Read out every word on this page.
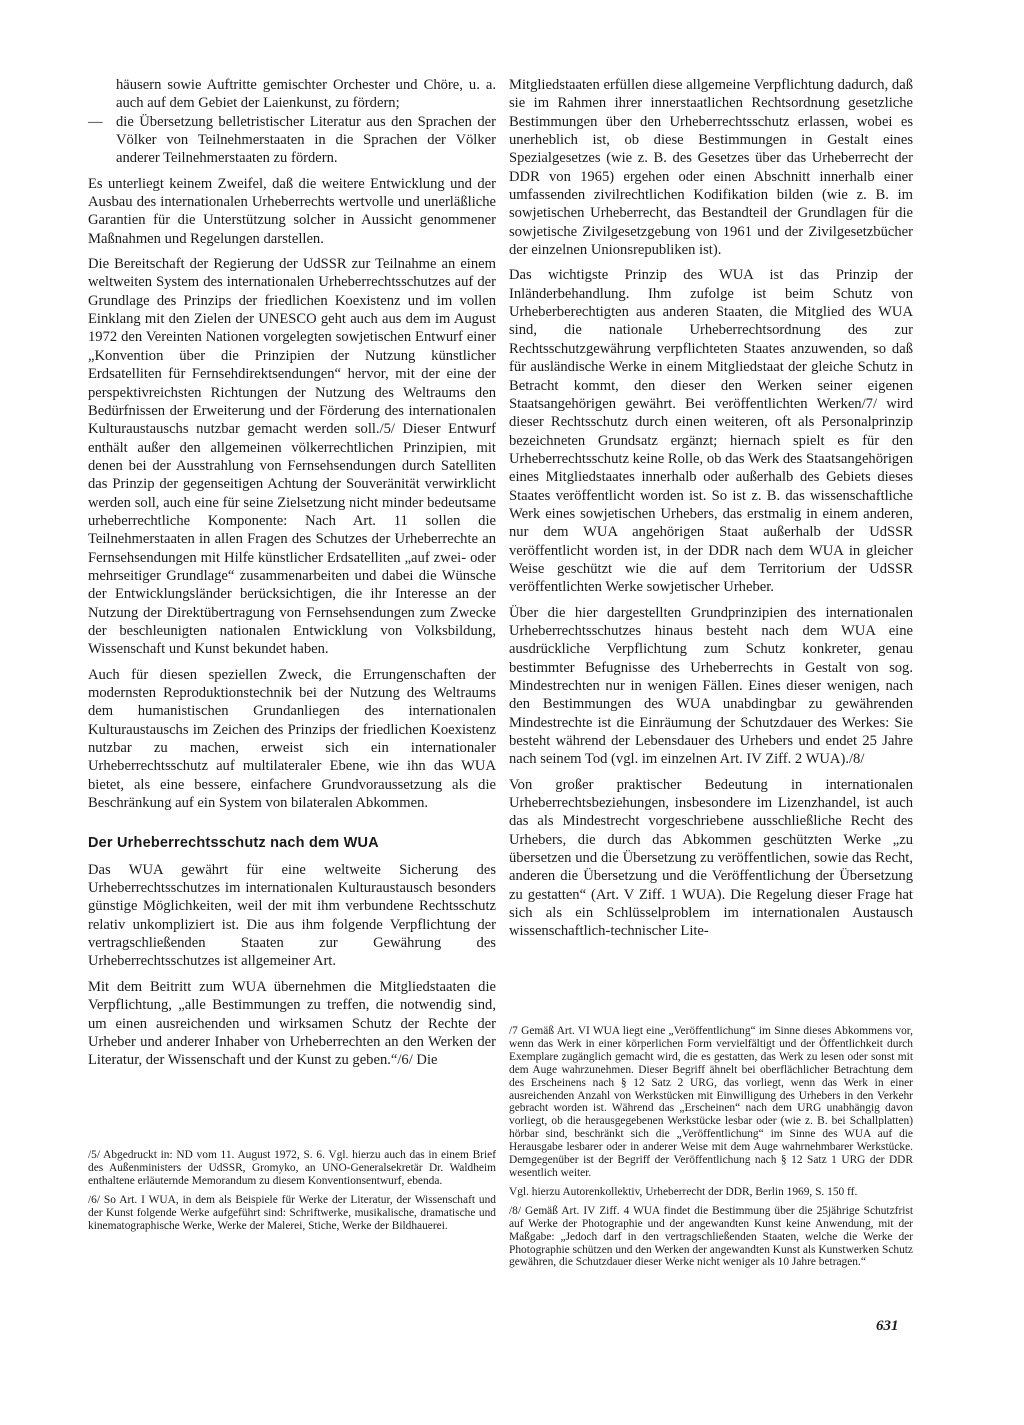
häusern sowie Auftritte gemischter Orchester und Chöre, u. a. auch auf dem Gebiet der Laienkunst, zu fördern;
— die Übersetzung belletristischer Literatur aus den Sprachen der Völker von Teilnehmerstaaten in die Sprachen der Völker anderer Teilnehmerstaaten zu fördern.

Es unterliegt keinem Zweifel, daß die weitere Entwicklung und der Ausbau des internationalen Urheberrechts wertvolle und unerläßliche Garantien für die Unterstützung solcher in Aussicht genommener Maßnahmen und Regelungen darstellen.

Die Bereitschaft der Regierung der UdSSR zur Teilnahme an einem weltweiten System des internationalen Urheberrechtsschutzes auf der Grundlage des Prinzips der friedlichen Koexistenz und im vollen Einklang mit den Zielen der UNESCO geht auch aus dem im August 1972 den Vereinten Nationen vorgelegten sowjetischen Entwurf einer „Konvention über die Prinzipien der Nutzung künstlicher Erdsatelliten für Fernsehdirektsendungen“ hervor, mit der eine der perspektivreichsten Richtungen der Nutzung des Weltraums den Bedürfnissen der Erweiterung und der Förderung des internationalen Kulturaustauschs nutzbar gemacht werden soll./5/ Dieser Entwurf enthält außer den allgemeinen völkerrechtlichen Prinzipien, mit denen bei der Ausstrahlung von Fernsehsendungen durch Satelliten das Prinzip der gegenseitigen Achtung der Souveränität verwirklicht werden soll, auch eine für seine Zielsetzung nicht minder bedeutsame urheberrechtliche Komponente: Nach Art. 11 sollen die Teilnehmerstaaten in allen Fragen des Schutzes der Urheberrechte an Fernsehsendungen mit Hilfe künstlicher Erdsatelliten „auf zwei- oder mehrseitiger Grundlage“ zusammenarbeiten und dabei die Wünsche der Entwicklungsländer berücksichtigen, die ihr Interesse an der Nutzung der Direktübertragung von Fernsehsendungen zum Zwecke der beschleunigten nationalen Entwicklung von Volksbildung, Wissenschaft und Kunst bekundet haben.

Auch für diesen speziellen Zweck, die Errungenschaften der modernsten Reproduktionstechnik bei der Nutzung des Weltraums dem humanistischen Grundanliegen des internationalen Kulturaustauschs im Zeichen des Prinzips der friedlichen Koexistenz nutzbar zu machen, erweist sich ein internationaler Urheberrechtsschutz auf multilateraler Ebene, wie ihn das WUA bietet, als eine bessere, einfachere Grundvoraussetzung als die Beschränkung auf ein System von bilateralen Abkommen.

Der Urheberrechtsschutz nach dem WUA

Das WUA gewährt für eine weltweite Sicherung des Urheberrechtsschutzes im internationalen Kulturaustausch besonders günstige Möglichkeiten, weil der mit ihm verbundene Rechtsschutz relativ unkompliziert ist. Die aus ihm folgende Verpflichtung der vertragschließenden Staaten zur Gewährung des Urheberrechtsschutzes ist allgemeiner Art.

Mit dem Beitritt zum WUA übernehmen die Mitgliedstaaten die Verpflichtung, „alle Bestimmungen zu treffen, die notwendig sind, um einen ausreichenden und wirksamen Schutz der Rechte der Urheber und anderer Inhaber von Urheberrechten an den Werken der Literatur, der Wissenschaft und der Kunst zu geben.“/6/ Die

Mitgliedstaaten erfüllen diese allgemeine Verpflichtung dadurch, daß sie im Rahmen ihrer innerstaatlichen Rechtsordnung gesetzliche Bestimmungen über den Urheberrechtsschutz erlassen, wobei es unerheblich ist, ob diese Bestimmungen in Gestalt eines Spezialgesetzes (wie z. B. des Gesetzes über das Urheberrecht der DDR von 1965) ergehen oder einen Abschnitt innerhalb einer umfassenden zivilrechtlichen Kodifikation bilden (wie z. B. im sowjetischen Urheberrecht, das Bestandteil der Grundlagen für die sowjetische Zivilgesetzgebung von 1961 und der Zivilgesetzbücher der einzelnen Unionsrepubliken ist).

Das wichtigste Prinzip des WUA ist das Prinzip der Inländerbehandlung. Ihm zufolge ist beim Schutz von Urheberberechtigten aus anderen Staaten, die Mitglied des WUA sind, die nationale Urheberrechtsordnung des zur Rechtsschutzgewährung verpflichteten Staates anzuwenden, so daß für ausländische Werke in einem Mitgliedstaat der gleiche Schutz in Betracht kommt, den dieser den Werken seiner eigenen Staatsangehörigen gewährt. Bei veröffentlichten Werken/7/ wird dieser Rechtsschutz durch einen weiteren, oft als Personalprinzip bezeichneten Grundsatz ergänzt; hiernach spielt es für den Urheberrechtsschutz keine Rolle, ob das Werk des Staatsangehörigen eines Mitgliedstaates innerhalb oder außerhalb des Gebiets dieses Staates veröffentlicht worden ist. So ist z. B. das wissenschaftliche Werk eines sowjetischen Urhebers, das erstmalig in einem anderen, nur dem WUA angehörigen Staat außerhalb der UdSSR veröffentlicht worden ist, in der DDR nach dem WUA in gleicher Weise geschützt wie die auf dem Territorium der UdSSR veröffentlichten Werke sowjetischer Urheber.

Über die hier dargestellten Grundprinzipien des internationalen Urheberrechtsschutzes hinaus besteht nach dem WUA eine ausdrückliche Verpflichtung zum Schutz konkreter, genau bestimmter Befugnisse des Urheberrechts in Gestalt von sog. Mindestrechten nur in wenigen Fällen. Eines dieser wenigen, nach den Bestimmungen des WUA unabdingbar zu gewährenden Mindestrechte ist die Einräumung der Schutzdauer des Werkes: Sie besteht während der Lebensdauer des Urhebers und endet 25 Jahre nach seinem Tod (vgl. im einzelnen Art. IV Ziff. 2 WUA)./8/

Von großer praktischer Bedeutung in internationalen Urheberrechtsbeziehungen, insbesondere im Lizenzhandel, ist auch das als Mindestrecht vorgeschriebene ausschließliche Recht des Urhebers, die durch das Abkommen geschützten Werke „zu übersetzen und die Übersetzung zu veröffentlichen, sowie das Recht, anderen die Übersetzung und die Veröffentlichung der Übersetzung zu gestatten“ (Art. V Ziff. 1 WUA). Die Regelung dieser Frage hat sich als ein Schlüsselproblem im internationalen Austausch wissenschaftlich-technischer Lite-

/5/ Abgedruckt in: ND vom 11. August 1972, S. 6. Vgl. hierzu auch das in einem Brief des Außenministers der UdSSR, Gromyko, an UNO-Generalsekretär Dr. Waldheim enthaltene erläuternde Memorandum zu diesem Konventionsentwurf, ebenda.
/6/ So Art. I WUA, in dem als Beispiele für Werke der Literatur, der Wissenschaft und der Kunst folgende Werke aufgeführt sind: Schriftwerke, musikalische, dramatische und kinematographische Werke, Werke der Malerei, Stiche, Werke der Bildhauerei.
/7 Gemäß Art. VI WUA liegt eine „Veröffentlichung“ im Sinne dieses Abkommens vor, wenn das Werk in einer körperlichen Form vervielfältigt und der Öffentlichkeit durch Exemplare zugänglich gemacht wird, die es gestatten, das Werk zu lesen oder sonst mit dem Auge wahrzunehmen. Dieser Begriff ähnelt bei oberflächlicher Betrachtung dem des Erscheinens nach § 12 Satz 2 URG, das vorliegt, wenn das Werk in einer ausreichenden Anzahl von Werkstücken mit Einwilligung des Urhebers in den Verkehr gebracht worden ist. Während das „Erscheinen“ nach dem URG unabhängig davon vorliegt, ob die herausgegebenen Werkstücke lesbar oder (wie z. B. bei Schallplatten) hörbar sind, beschränkt sich die „Veröffentlichung“ im Sinne des WUA auf die Herausgabe lesbarer oder in anderer Weise mit dem Auge wahrnehmbarer Werkstücke. Demgegenüber ist der Begriff der Veröffentlichung nach § 12 Satz 1 URG der DDR wesentlich weiter.
Vgl. hierzu Autorenkollektiv, Urheberrecht der DDR, Berlin 1969, S. 150 ff.
/8/ Gemäß Art. IV Ziff. 4 WUA findet die Bestimmung über die 25jährige Schutzfrist auf Werke der Photographie und der angewandten Kunst keine Anwendung, mit der Maßgabe: „Jedoch darf in den vertragschließenden Staaten, welche die Werke der Photographie schützen und den Werken der angewandten Kunst als Kunstwerken Schutz gewähren, die Schutzdauer dieser Werke nicht weniger als 10 Jahre betragen.“
631
